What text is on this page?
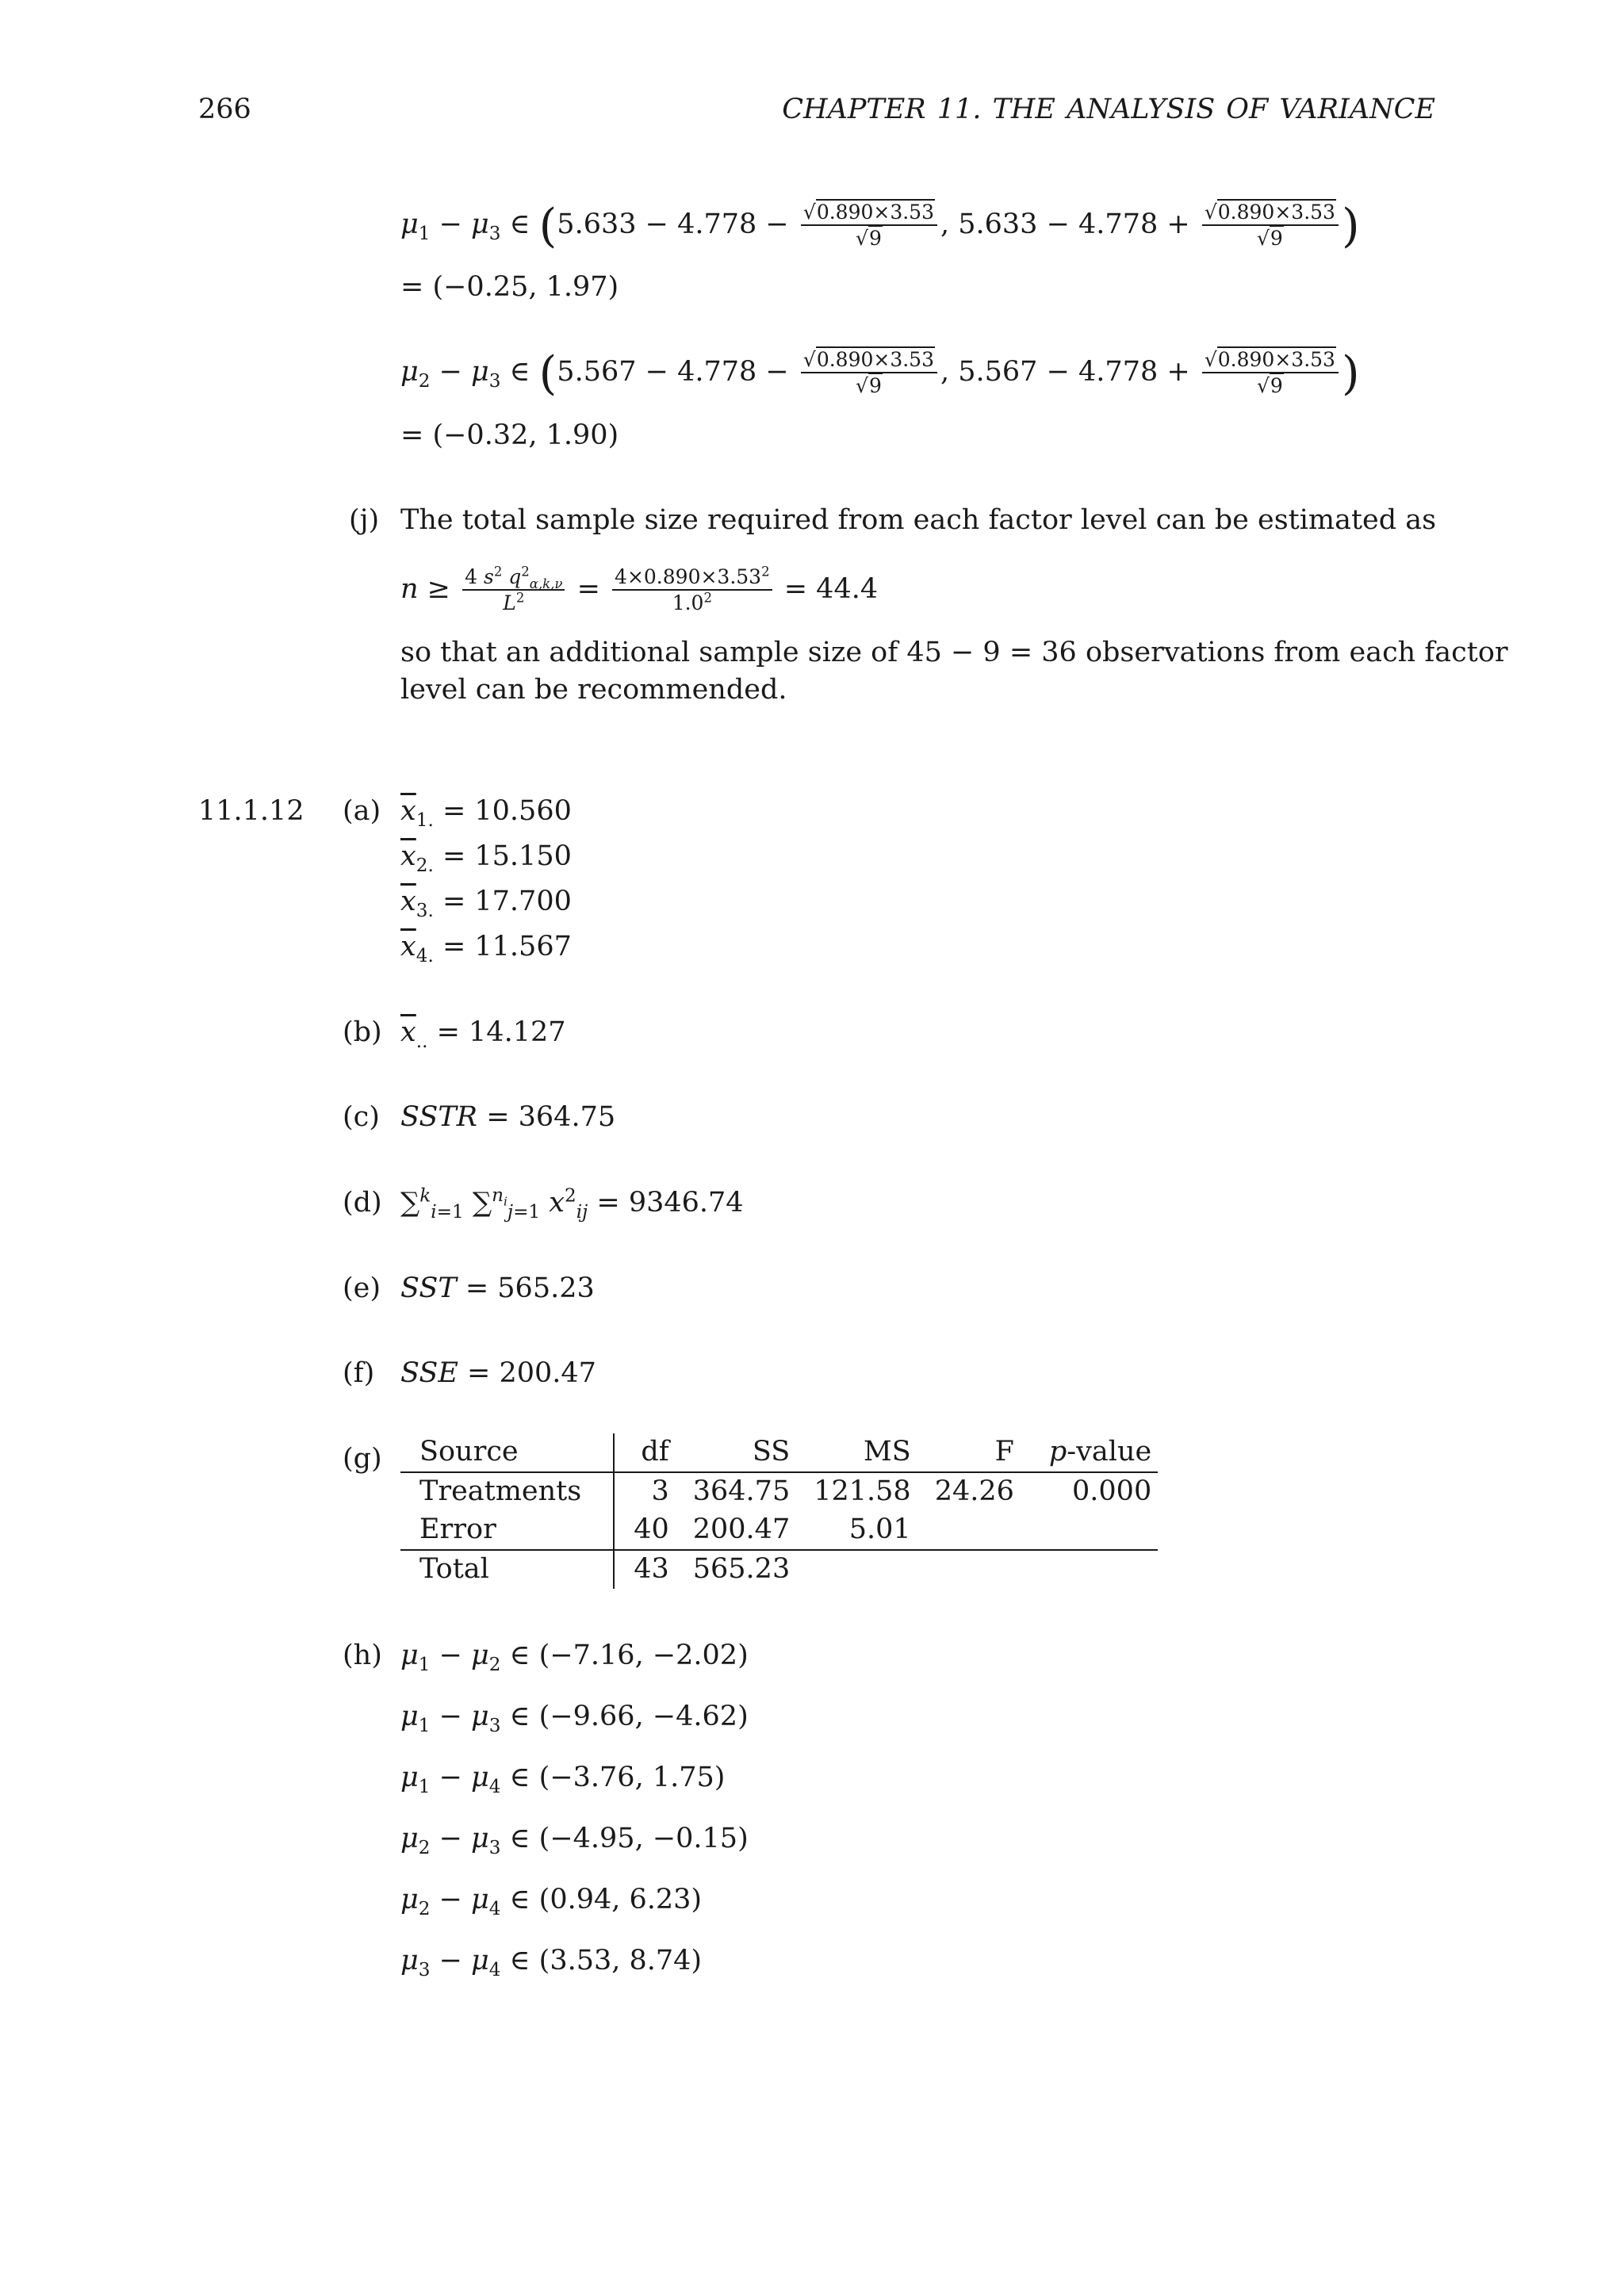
266	CHAPTER 11. THE ANALYSIS OF VARIANCE
$\mu_1 - \mu_3$ ∈ ($5.633 - 4.778 - \frac{√0.890\times 3.53}{√9}$ , $5.633 - 4.778 + \frac{√0.890\times 3.53}{√9}$ )
= (−0.25, 1.97)
$\mu_2 - \mu_3$ ∈ ($5.567 - 4.778 - \frac{√0.890\times 3.53}{√9}$ , $5.567 - 4.778 + \frac{√0.890\times 3.53}{√9}$ )
= (−0.32, 1.90)
(j) The total sample size required from each factor level can be estimated as
$n \ge \frac{4 s^2 q^2_{\alpha,k,\nu}}{L^2} = \frac{4\times 0.890\times 3.53^2}{1.0^2} = 44.4$
so that an additional sample size of 45 − 9 = 36 observations from each factor
level can be recommended.
11.1.12 (a) $\overline{x}_{1.} = 10.560$
$\overline{x}_{2.} = 15.150$
$\overline{x}_{3.} = 17.700$
$\overline{x}_{4.} = 11.567$
(b) $\overline{x}_{..} = 14.127$
(c) SSTR = 364.75
(d) ∑$^k_{i=1}$ ∑$^{n_i}_{j=1}$ $x^2_{ij} = 9346.74$
(e) SST = 565.23
(f) SSE = 200.47
(g) Source	df	SS	MS	F	p-value
Treatments	3	364.75	121.58	24.26	0.000
Error	40	200.47	5.01		
Total	43	565.23			
(h) $\mu_1 - \mu_2$ ∈ (−7.16, −2.02)
$\mu_1 - \mu_3$ ∈ (−9.66, −4.62)
$\mu_1 - \mu_4$ ∈ (−3.76, 1.75)
$\mu_2 - \mu_3$ ∈ (−4.95, −0.15)
$\mu_2 - \mu_4$ ∈ (0.94, 6.23)
$\mu_3 - \mu_4$ ∈ (3.53, 8.74)
